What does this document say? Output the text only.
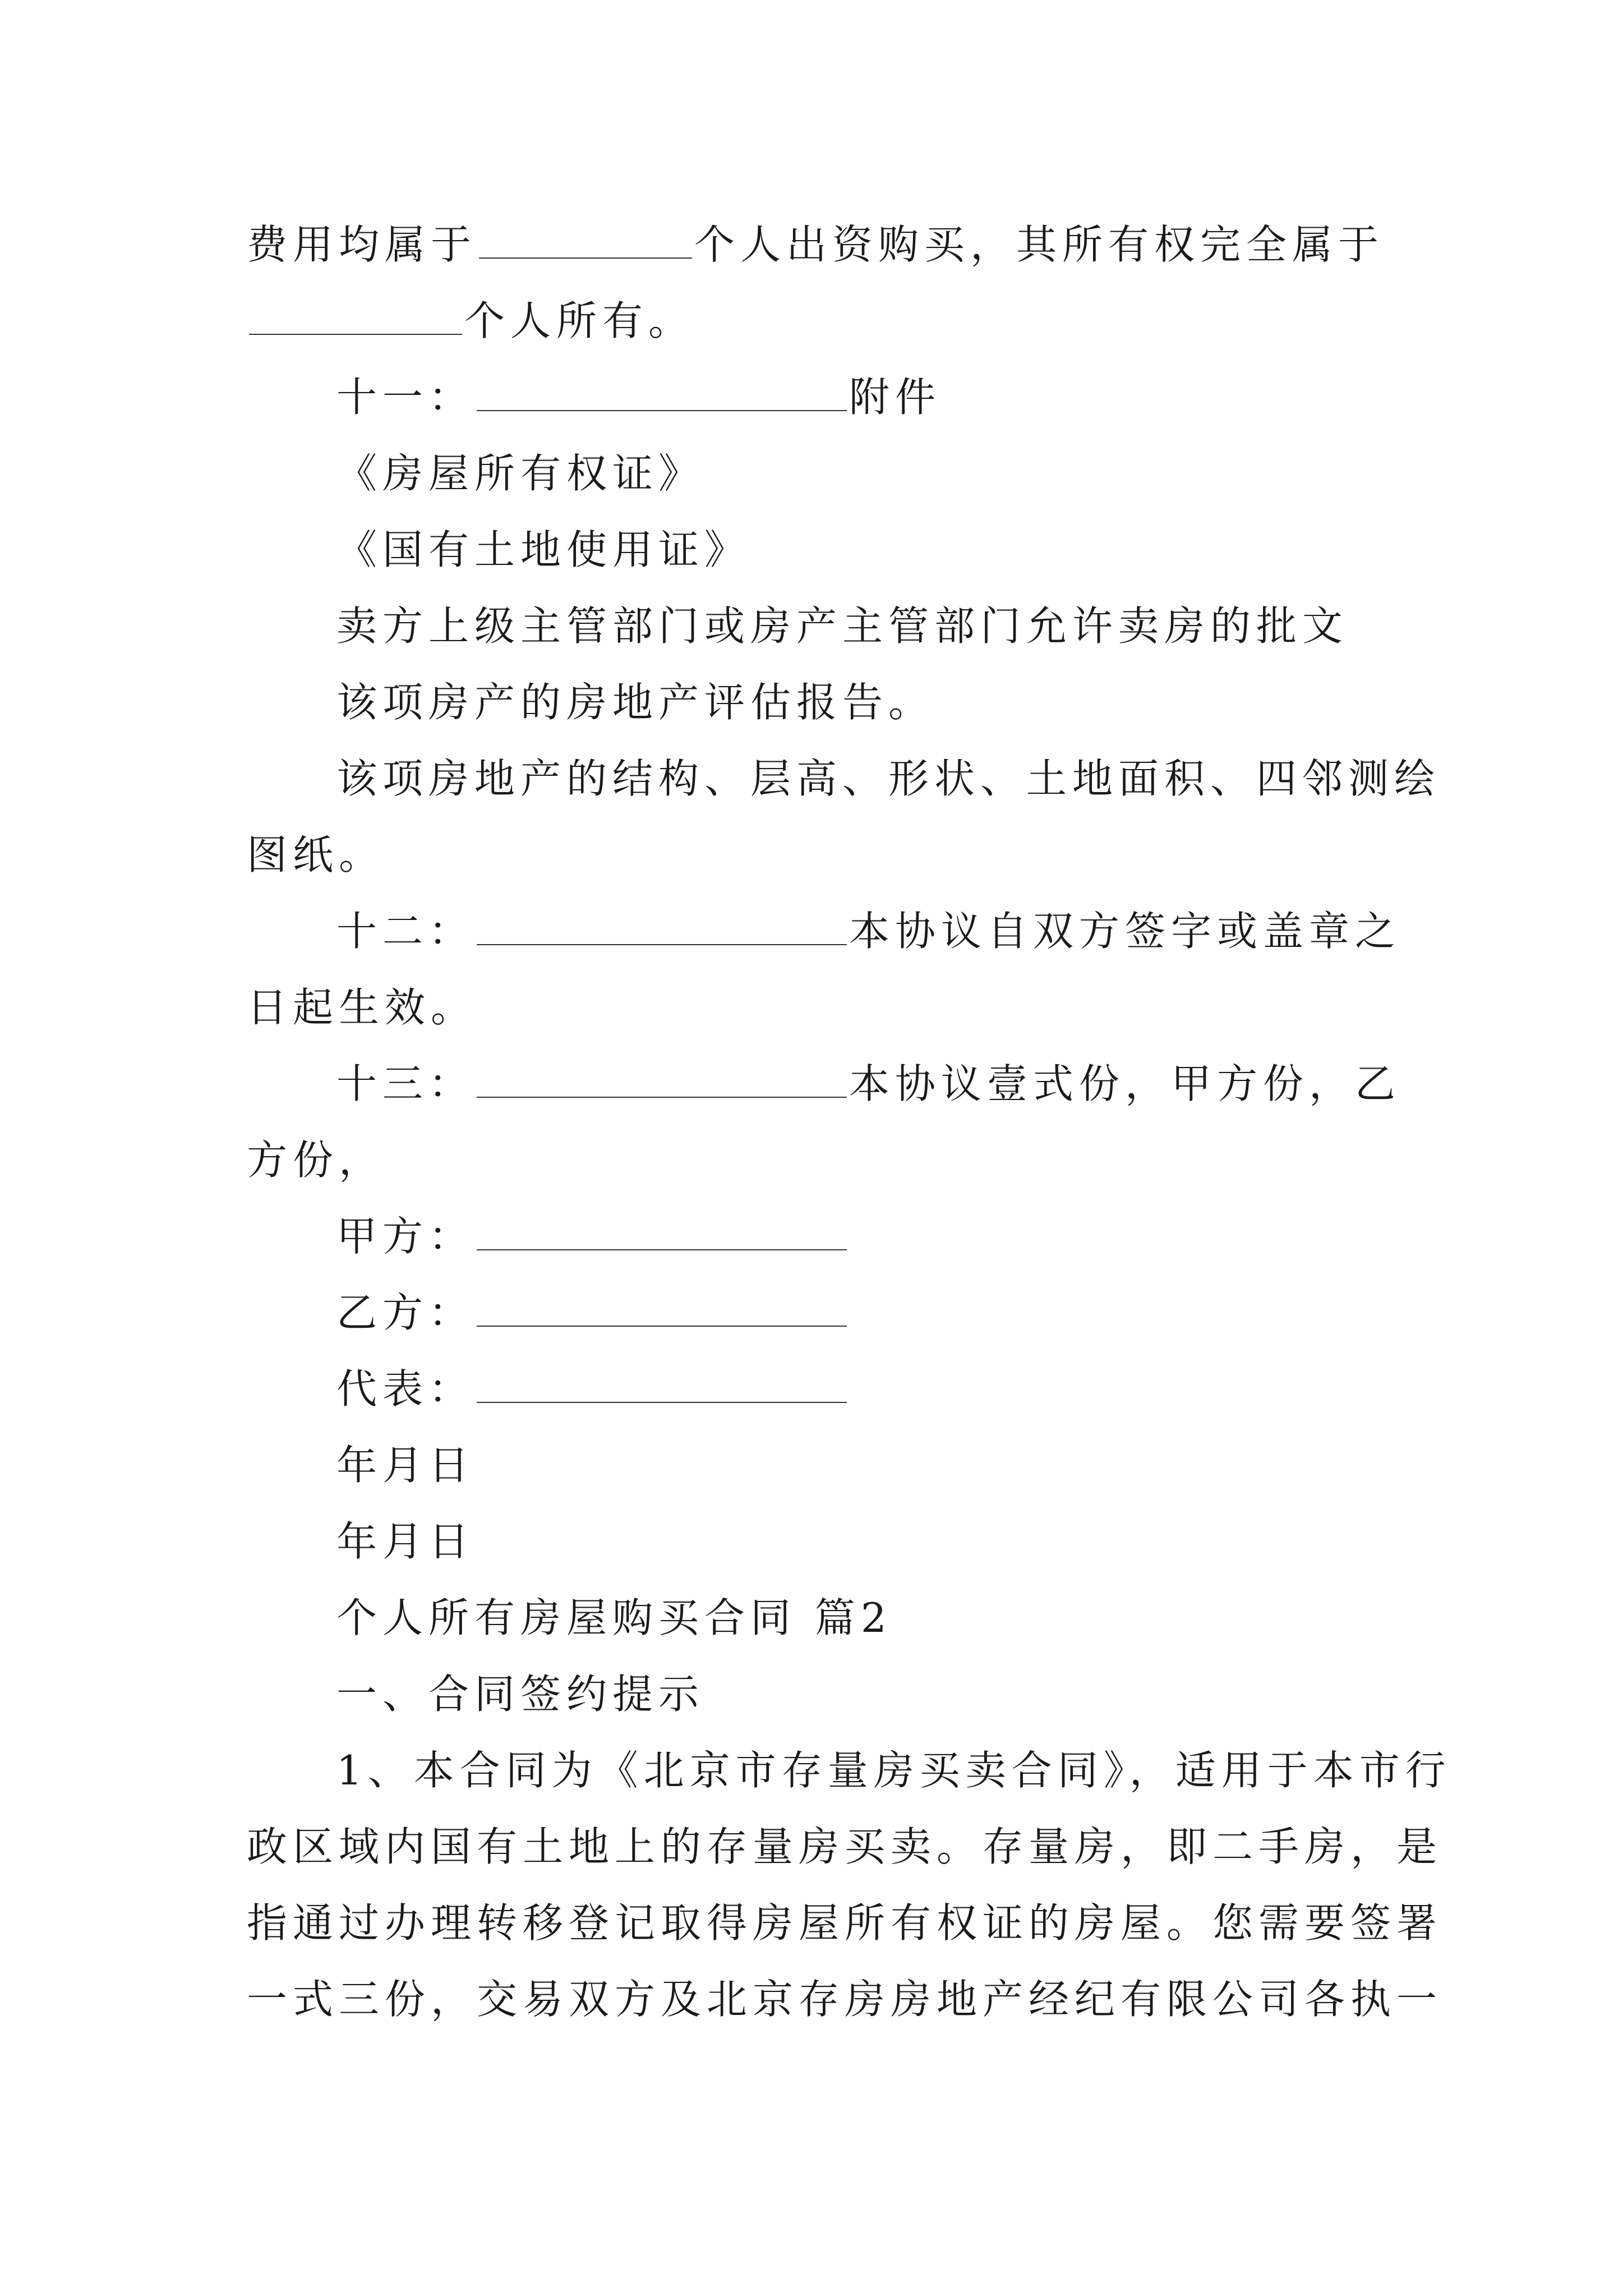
费用均属于	个人出资购买，其所有权完全属于
个人所有。
十一：	附件
《房屋所有权证》
《国有土地使用证》
卖方上级主管部门或房产主管部门允许卖房的批文
该项房产的房地产评估报告。
该项房地产的结构、层高、形状、土地面积、四邻测绘
图纸。
十二：	本协议自双方签字或盖章之
日起生效。
十三：	本协议壹式份，甲方份，乙
方份，
甲方：
乙方：
代表：
年月日
年月日
个人所有房屋购买合同 篇2
一、合同签约提示
1、本合同为《北京市存量房买卖合同》，适用于本市行
政区域内国有土地上的存量房买卖。存量房，即二手房，是
指通过办理转移登记取得房屋所有权证的房屋。您需要签署
一式三份，交易双方及北京存房房地产经纪有限公司各执一
